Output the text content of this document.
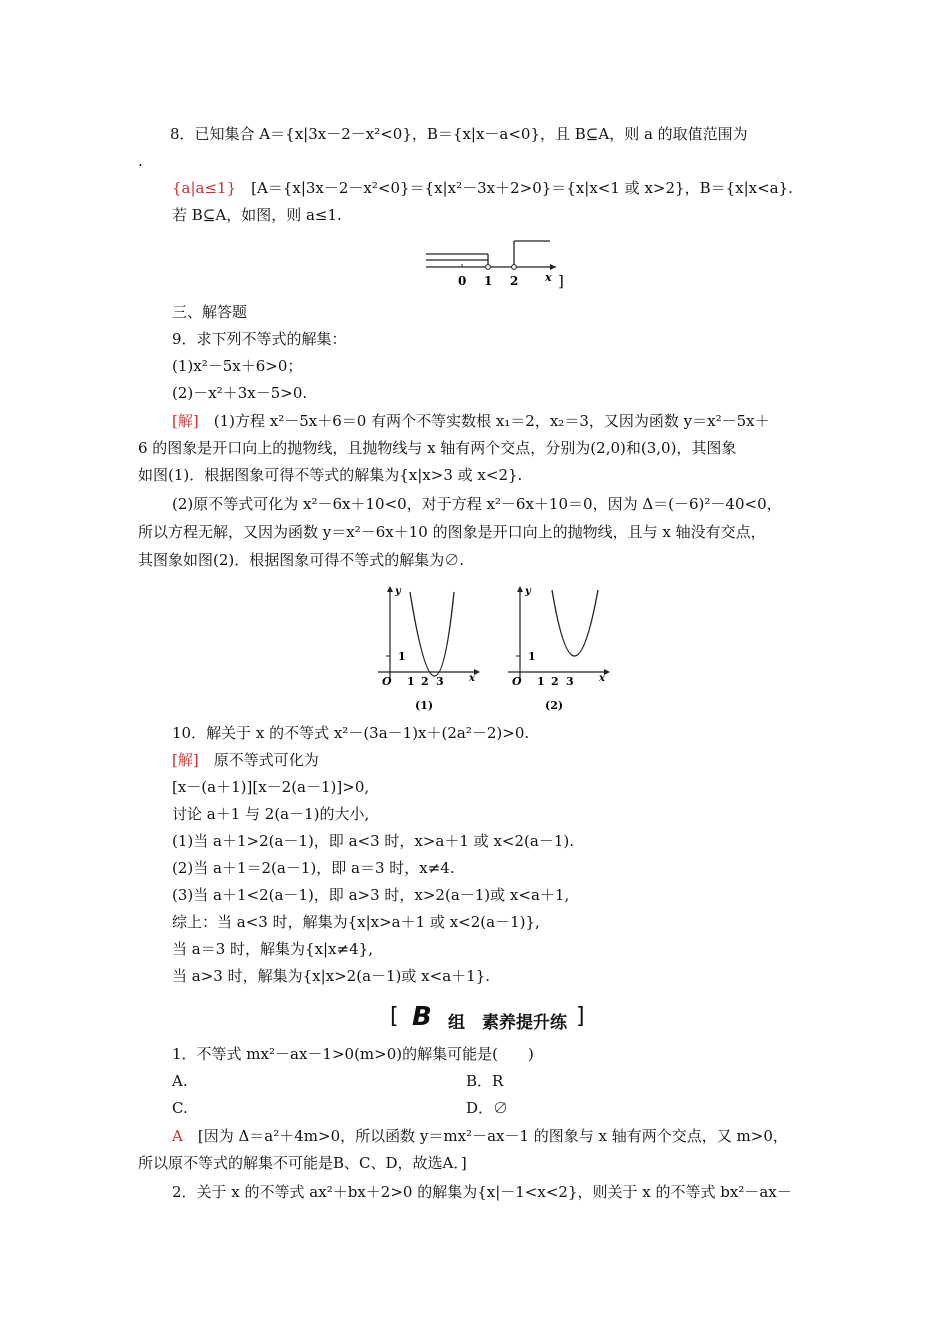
8．已知集合 A＝{x|3x－2－x²<0}，B＝{x|x－a<0}，且 B⊆A，则 a 的取值范围为
.
{a|a≤1}　[A＝{x|3x－2－x²<0}＝{x|x²－3x＋2>0}＝{x|x<1 或 x>2}，B＝{x|x<a}.
若 B⊆A，如图，则 a≤1.
三、解答题
9．求下列不等式的解集：
(1)x²－5x＋6>0；
(2)－x²＋3x－5>0.
[解]　(1)方程 x²－5x＋6＝0 有两个不等实数根 x₁＝2，x₂＝3，又因为函数 y＝x²－5x＋
6 的图象是开口向上的抛物线，且抛物线与 x 轴有两个交点，分别为(2,0)和(3,0)，其图象
如图(1)．根据图象可得不等式的解集为{x|x>3 或 x<2}.
(2)原不等式可化为 x²－6x＋10<0，对于方程 x²－6x＋10＝0，因为 Δ＝(－6)²－40<0，
所以方程无解，又因为函数 y＝x²－6x＋10 的图象是开口向上的抛物线，且与 x 轴没有交点，
其图象如图(2)．根据图象可得不等式的解集为∅.
10．解关于 x 的不等式 x²－(3a－1)x＋(2a²－2)>0.
[解]　原不等式可化为
[x－(a＋1)][x－2(a－1)]>0,
讨论 a＋1 与 2(a－1)的大小,
(1)当 a＋1>2(a－1)，即 a<3 时，x>a＋1 或 x<2(a－1).
(2)当 a＋1＝2(a－1)，即 a＝3 时，x≠4.
(3)当 a＋1<2(a－1)，即 a>3 时，x>2(a－1)或 x<a＋1,
综上：当 a<3 时，解集为{x|x>a＋1 或 x<2(a－1)},
当 a＝3 时，解集为{x|x≠4},
当 a>3 时，解集为{x|x>2(a－1)或 x<a＋1}.
1．不等式 mx²－ax－1>0(m>0)的解集可能是(　　)
A.	B．R
C.	D．∅
A　[因为 Δ＝a²＋4m>0，所以函数 y＝mx²－ax－1 的图象与 x 轴有两个交点，又 m>0，
所以原不等式的解集不可能是B、C、D，故选A．]
2．关于 x 的不等式 ax²＋bx＋2>0 的解集为{x|－1<x<2}，则关于 x 的不等式 bx²－ax－
0 1 2 x ]
y
1
O 1 2 3	x
(1)
y
1
O 1 2 3	x
(2)
[ B 组　素养提升练 ]
